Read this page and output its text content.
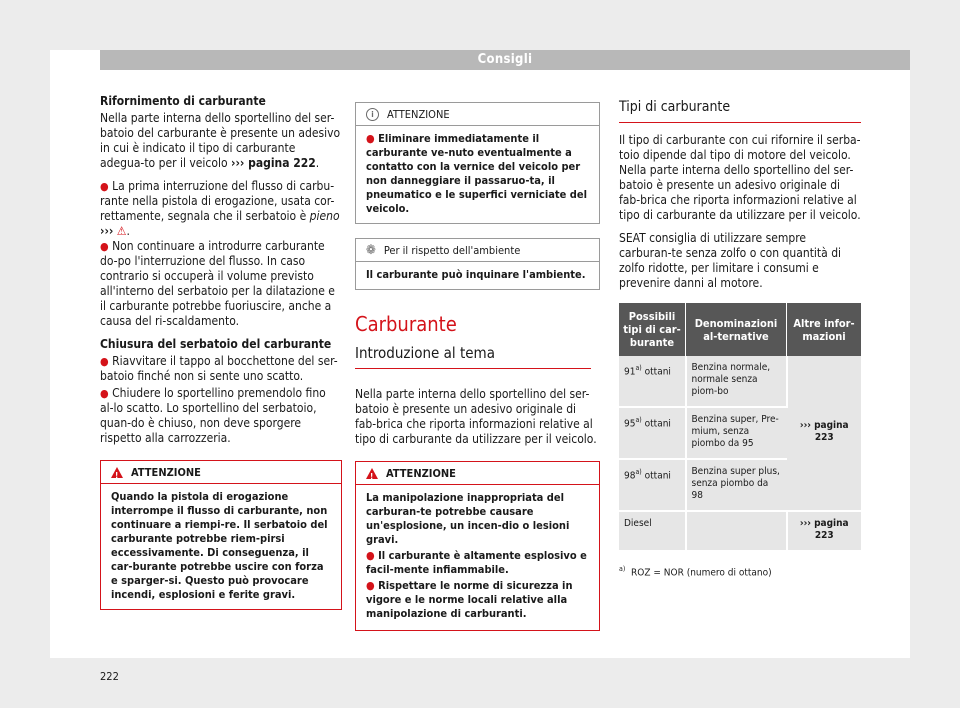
Consigli

Rifornimento di carburante

Nella parte interna dello sportellino del ser-batoio del carburante è presente un adesivo in cui è indicato il tipo di carburante adegua-to per il veicolo ››› pagina 222.

● La prima interruzione del flusso di carbu-rante nella pistola di erogazione, usata cor-rettamente, segnala che il serbatoio è pieno ››› ⚠.
● Non continuare a introdurre carburante do-po l'interruzione del flusso. In caso contrario si occuperà il volume previsto all'interno del serbatoio per la dilatazione e il carburante potrebbe fuoriuscire, anche a causa del ri-scaldamento.

Chiusura del serbatoio del carburante

● Riavvitare il tappo al bocchettone del ser-batoio finché non si sente uno scatto.

● Chiudere lo sportellino premendolo fino al-lo scatto. Lo sportellino del serbatoio, quan-do è chiuso, non deve sporgere rispetto alla carrozzeria.

!
ATTENZIONE
Quando la pistola di erogazione interrompe il flusso di carburante, non continuare a riempi-re. Il serbatoio del carburante potrebbe riem-pirsi eccessivamente. Di conseguenza, il car-burante potrebbe uscire con forza e sparger-si. Questo può provocare incendi, esplosioni e ferite gravi.
i	ATTENZIONE
● Eliminare immediatamente il carburante ve-nuto eventualmente a contatto con la vernice del veicolo per non danneggiare il passaruo-ta, il pneumatico e le superfici verniciate del veicolo.
❁ Per il rispetto dell'ambiente
Il carburante può inquinare l'ambiente.
Carburante
Introduzione al tema

Nella parte interna dello sportellino del ser-batoio è presente un adesivo originale di fab-brica che riporta informazioni relative al tipo di carburante da utilizzare per il veicolo.

!
ATTENZIONE

La manipolazione inappropriata del carburan-te potrebbe causare un'esplosione, un incen-dio o lesioni gravi.

● Il carburante è altamente esplosivo e facil-mente infiammabile.

● Rispettare le norme di sicurezza in vigore e le norme locali relative alla manipolazione di carburanti.

Tipi di carburante

Il tipo di carburante con cui rifornire il serba-toio dipende dal tipo di motore del veicolo. Nella parte interna dello sportellino del ser-batoio è presente un adesivo originale di fab-brica che riporta informazioni relative al tipo di carburante da utilizzare per il veicolo.

SEAT consiglia di utilizzare sempre carburan-te senza zolfo o con quantità di zolfo ridotte, per limitare i consumi e prevenire danni al motore.

Possibili tipi di car-burante	Denominazioni al-ternative	Altre infor-mazioni
91$^{a)}$ ottani	Benzina normale, normale senza piom-bo	››› pagina 223
95$^{a)}$ ottani	Benzina super, Pre-mium, senza piombo da 95	
98$^{a)}$ ottani	Benzina super plus, senza piombo da 98	
Diesel		››› pagina 223
$^{a)}$ ROZ = NOR (numero di ottano)
222
